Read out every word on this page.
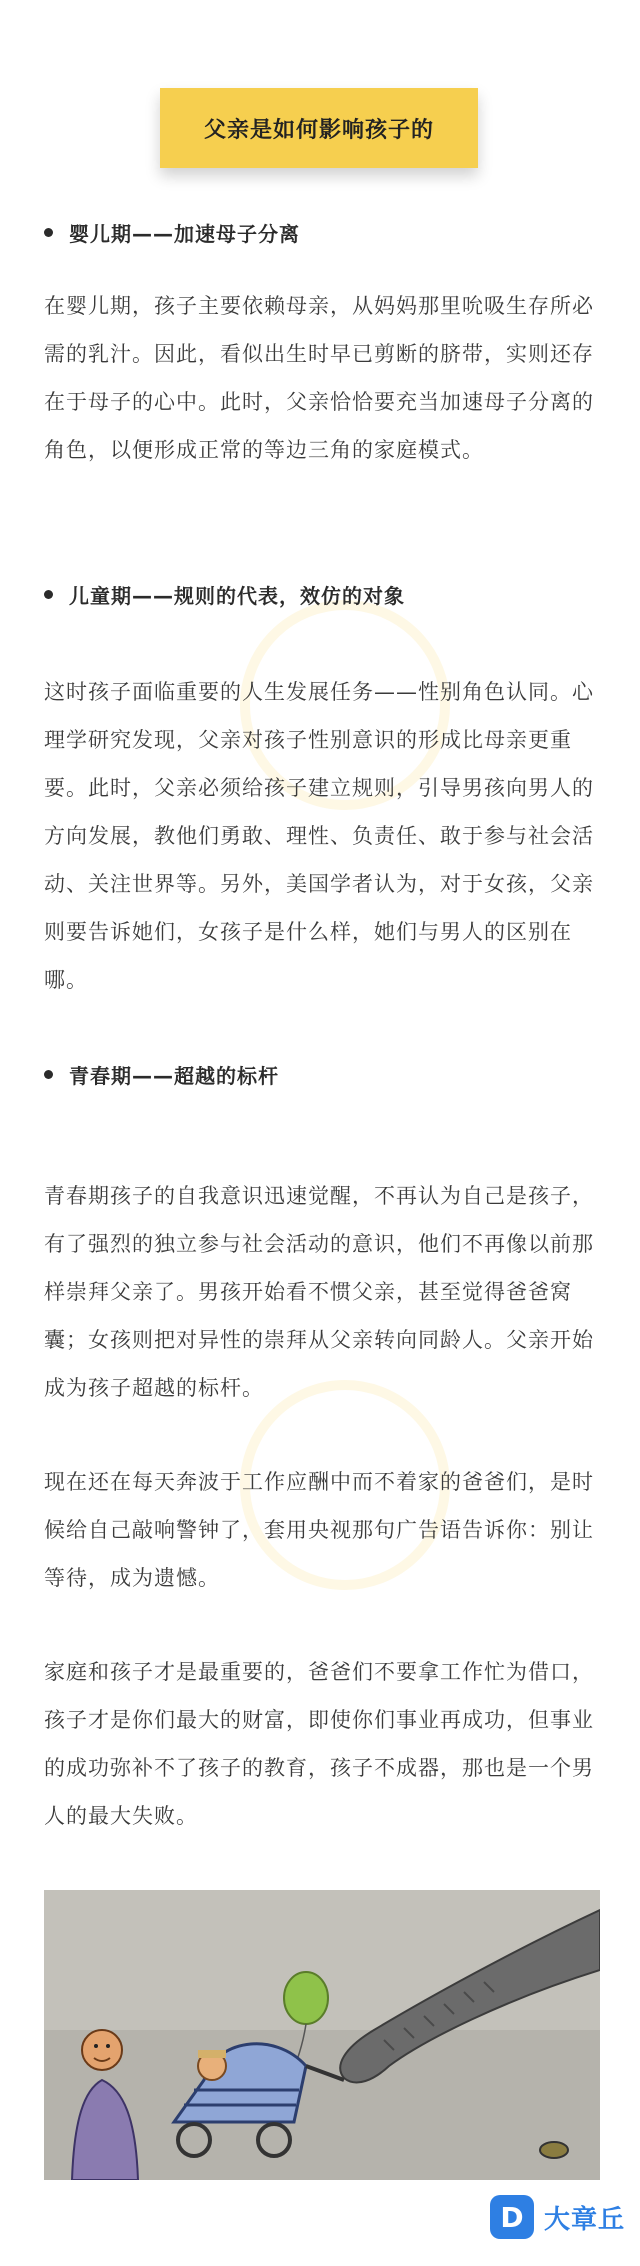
父亲是如何影响孩子的
婴儿期——加速母子分离
在婴儿期，孩子主要依赖母亲，从妈妈那里吮吸生存所必需的乳汁。因此，看似出生时早已剪断的脐带，实则还存在于母子的心中。此时，父亲恰恰要充当加速母子分离的角色，以便形成正常的等边三角的家庭模式。
儿童期——规则的代表，效仿的对象
这时孩子面临重要的人生发展任务——性别角色认同。心理学研究发现，父亲对孩子性别意识的形成比母亲更重要。此时，父亲必须给孩子建立规则，引导男孩向男人的方向发展，教他们勇敢、理性、负责任、敢于参与社会活动、关注世界等。另外，美国学者认为，对于女孩，父亲则要告诉她们，女孩子是什么样，她们与男人的区别在哪。
青春期——超越的标杆
青春期孩子的自我意识迅速觉醒，不再认为自己是孩子，有了强烈的独立参与社会活动的意识，他们不再像以前那样崇拜父亲了。男孩开始看不惯父亲，甚至觉得爸爸窝囊；女孩则把对异性的崇拜从父亲转向同龄人。父亲开始成为孩子超越的标杆。
现在还在每天奔波于工作应酬中而不着家的爸爸们，是时候给自己敲响警钟了，套用央视那句广告语告诉你：别让等待，成为遗憾。
家庭和孩子才是最重要的，爸爸们不要拿工作忙为借口，孩子才是你们最大的财富，即使你们事业再成功，但事业的成功弥补不了孩子的教育，孩子不成器，那也是一个男人的最大失败。
D 大章丘
